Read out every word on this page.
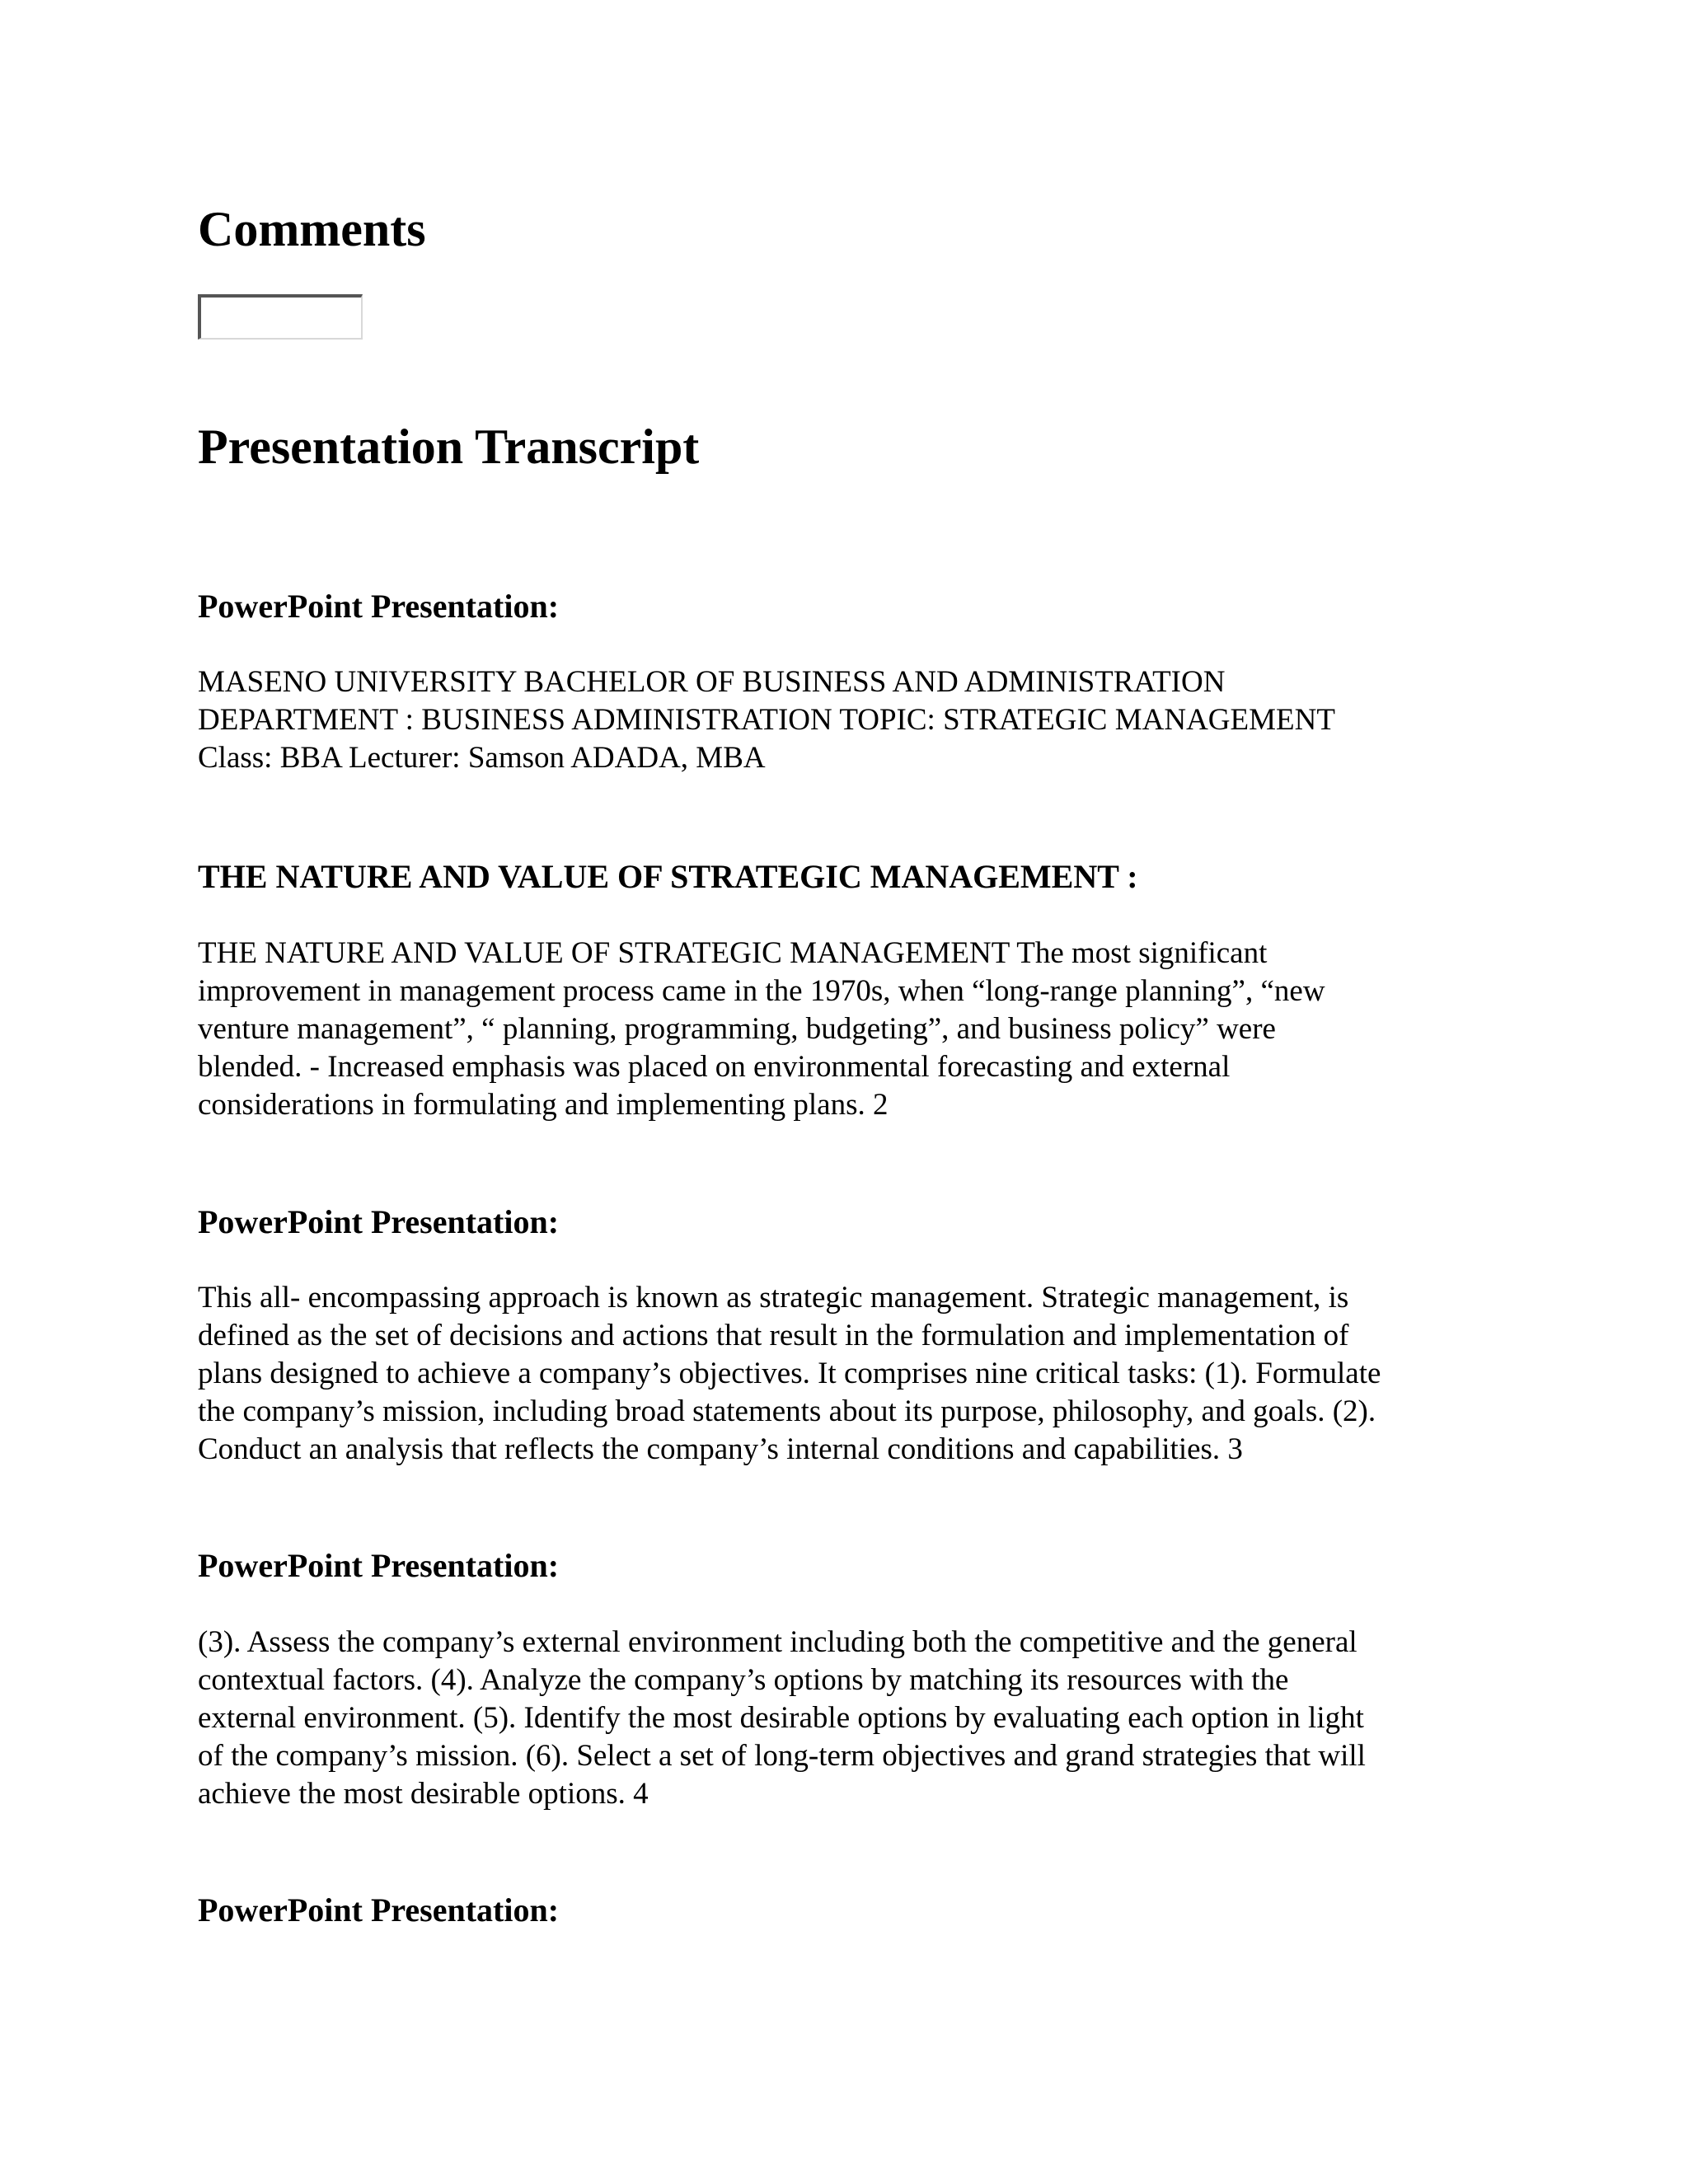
Comments
Presentation Transcript
PowerPoint Presentation:
MASENO UNIVERSITY BACHELOR OF BUSINESS AND ADMINISTRATION
DEPARTMENT : BUSINESS ADMINISTRATION TOPIC: STRATEGIC MANAGEMENT
Class: BBA Lecturer: Samson ADADA, MBA
THE NATURE AND VALUE OF STRATEGIC MANAGEMENT :
THE NATURE AND VALUE OF STRATEGIC MANAGEMENT The most significant
improvement in management process came in the 1970s, when “long-range planning”, “new
venture management”, “ planning, programming, budgeting”, and business policy” were
blended. - Increased emphasis was placed on environmental forecasting and external
considerations in formulating and implementing plans. 2
PowerPoint Presentation:
This all- encompassing approach is known as strategic management. Strategic management, is
defined as the set of decisions and actions that result in the formulation and implementation of
plans designed to achieve a company’s objectives. It comprises nine critical tasks: (1). Formulate
the company’s mission, including broad statements about its purpose, philosophy, and goals. (2).
Conduct an analysis that reflects the company’s internal conditions and capabilities. 3
PowerPoint Presentation:
(3). Assess the company’s external environment including both the competitive and the general
contextual factors. (4). Analyze the company’s options by matching its resources with the
external environment. (5). Identify the most desirable options by evaluating each option in light
of the company’s mission. (6). Select a set of long-term objectives and grand strategies that will
achieve the most desirable options. 4
PowerPoint Presentation:
